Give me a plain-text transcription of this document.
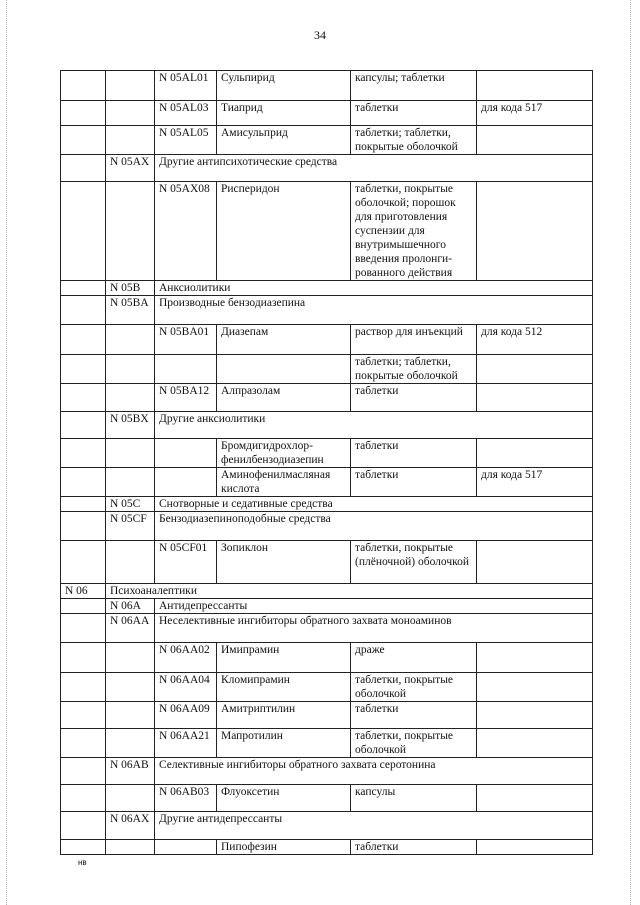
34
		N 05AL01	Сульпирид	капсулы; таблетки	
		N 05AL03	Тиаприд	таблетки	для кода 517
		N 05AL05	Амисульприд	таблетки; таблетки, покрытые оболочкой	
	N 05AX	Другие антипсихотические средства			
		N 05AX08	Рисперидон	таблетки, покрытые оболочкой; порошок для приготовления суспензии для внутримышечного введения пролонги- рованного действия	
	N 05B	Анксиолитики			
	N 05BA	Производные бензодиазепина			
		N 05BA01	Диазепам	раствор для инъекций	для кода 512
				таблетки; таблетки, покрытые оболочкой	
		N 05BA12	Алпразолам	таблетки	
	N 05BX	Другие анксиолитики			
			Бромдигидрохлор- фенилбензодиазепин	таблетки	
			Аминофенилмасляная кислота	таблетки	для кода 517
	N 05C	Снотворные и седативные средства			
	N 05CF	Бензодиазепиноподобные средства			
		N 05CF01	Зопиклон	таблетки, покрытые (плёночной) оболочкой	
N 06	Психоаналептики				
	N 06A	Антидепрессанты			
	N 06AA	Неселективные ингибиторы обратного захвата моноаминов			
		N 06AA02	Имипрамин	драже	
		N 06AA04	Кломипрамин	таблетки, покрытые оболочкой	
		N 06AA09	Амитриптилин	таблетки	
		N 06AA21	Мапротилин	таблетки, покрытые оболочкой	
	N 06AB	Селективные ингибиторы обратного захвата серотонина			
		N 06AB03	Флуоксетин	капсулы	
	N 06AX	Другие антидепрессанты			
			Пипофезин	таблетки	
нв
